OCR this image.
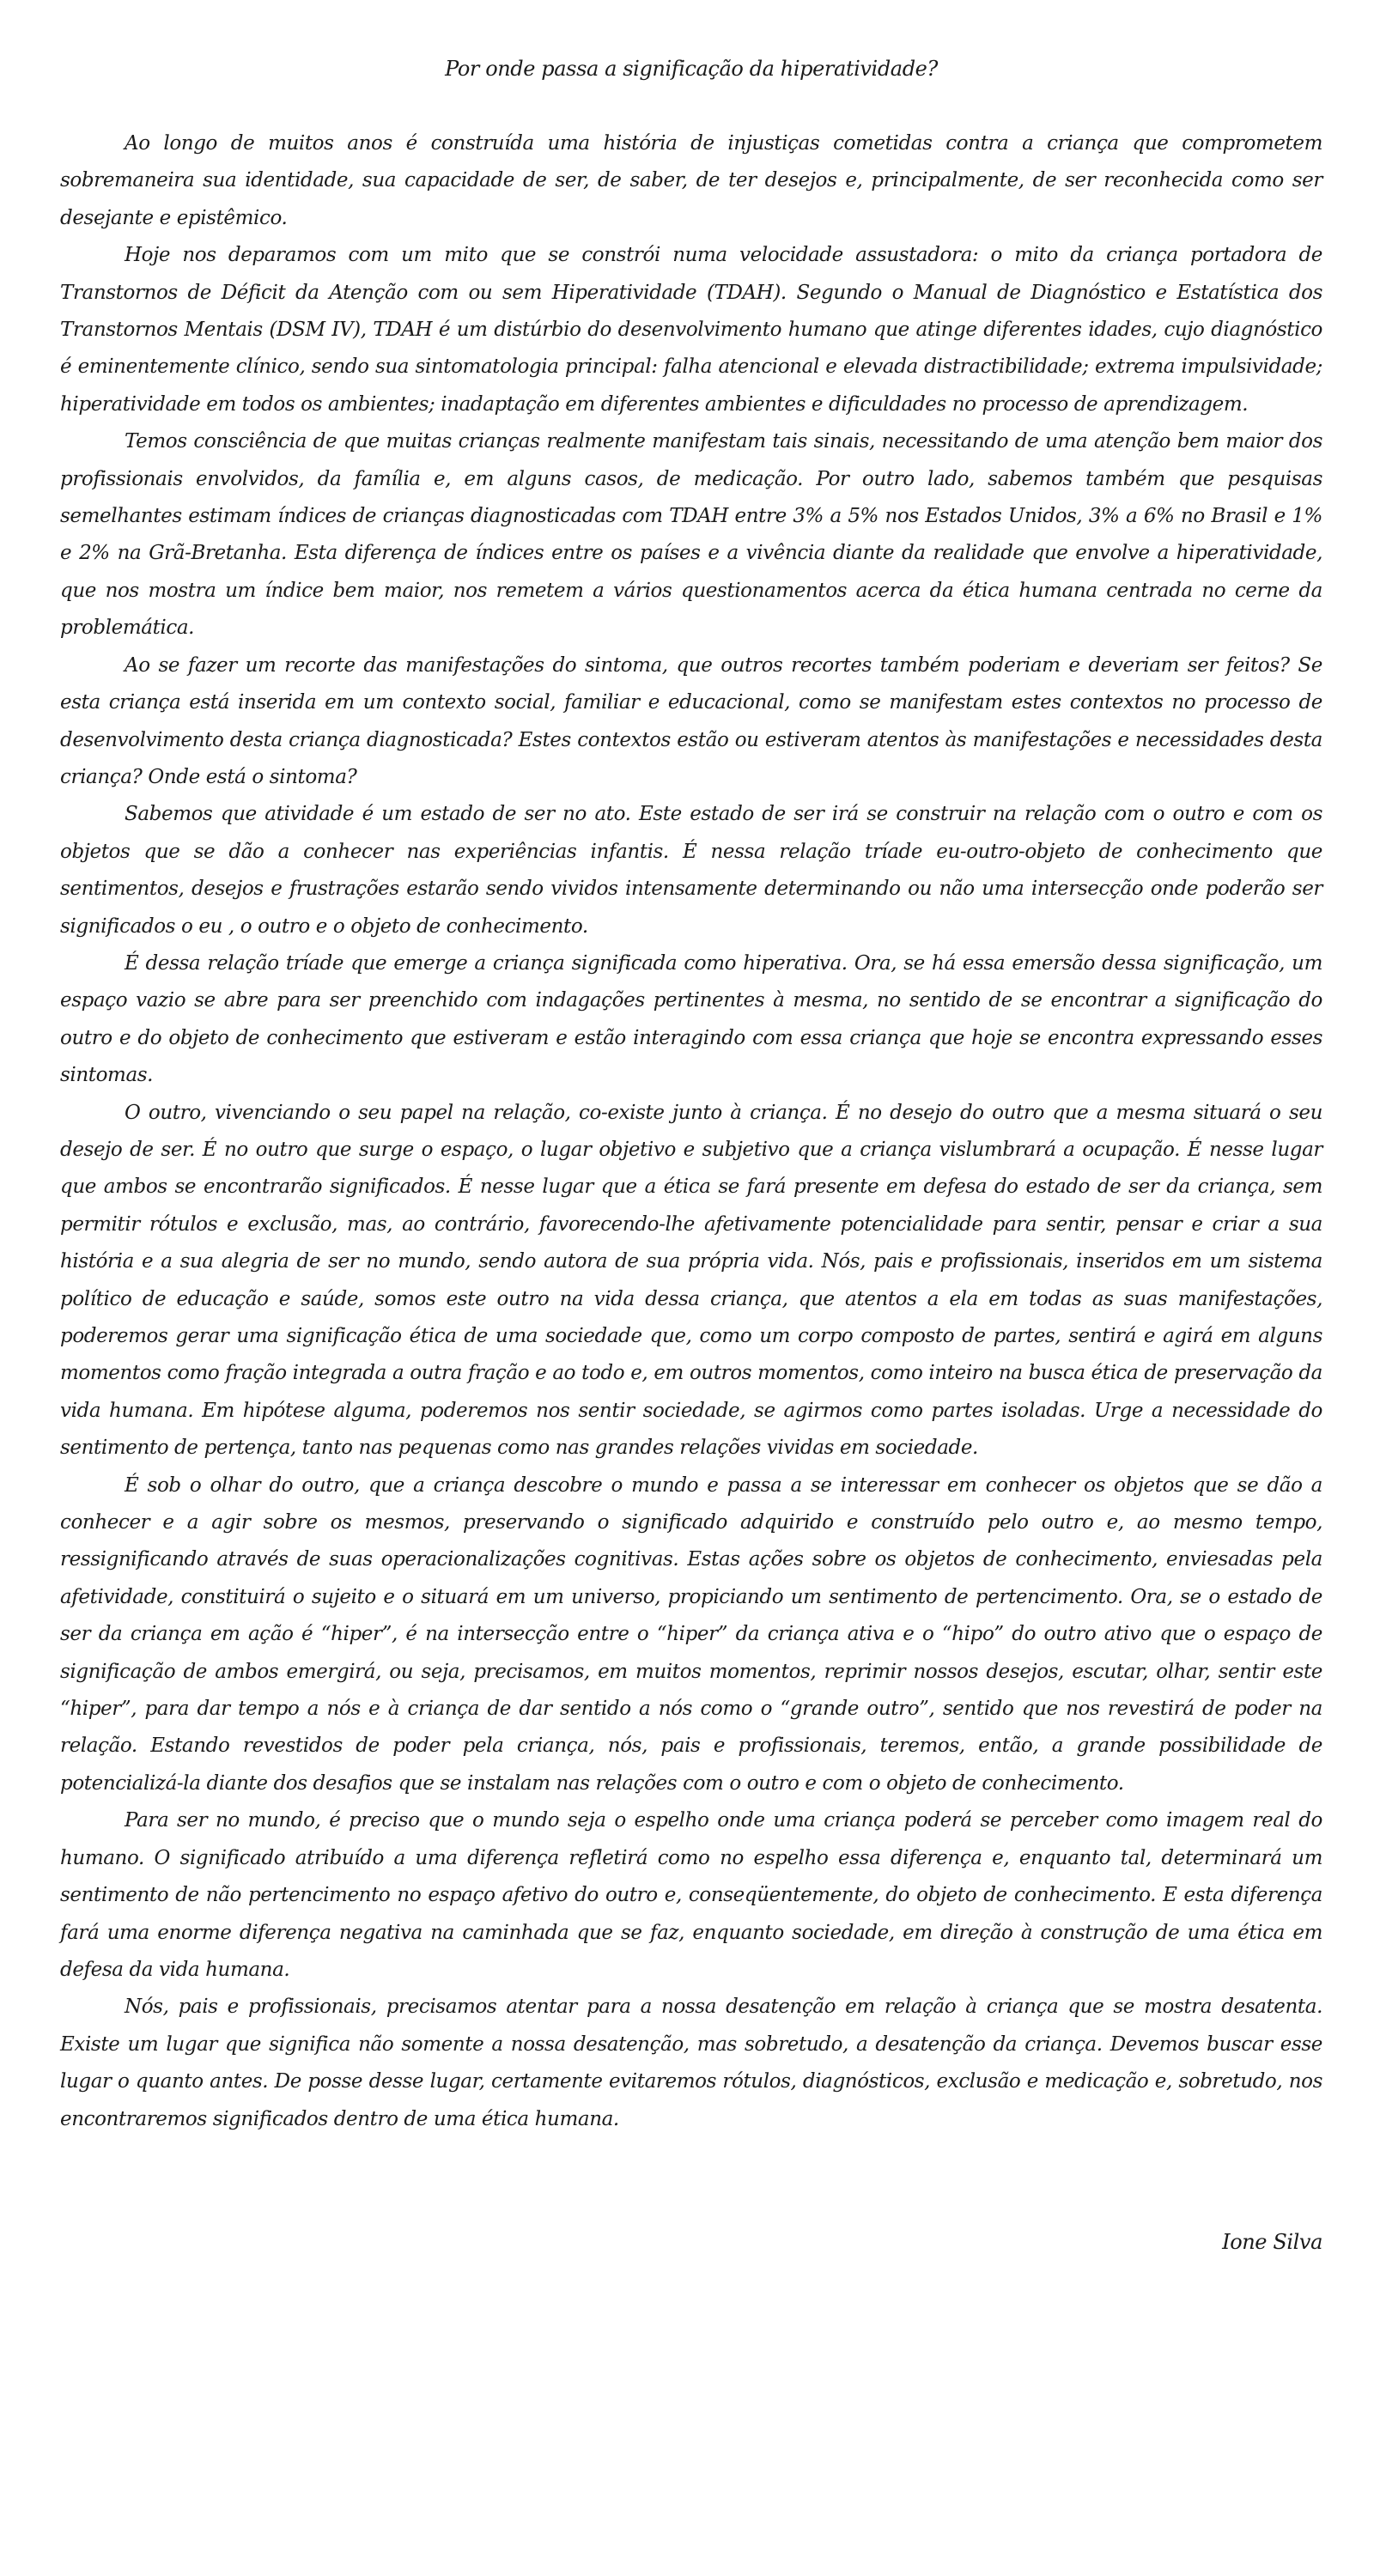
Por onde passa a significação da hiperatividade?

Ao longo de muitos anos é construída uma história de injustiças cometidas contra a criança que comprometem sobremaneira sua identidade, sua capacidade de ser, de saber, de ter desejos e, principalmente, de ser reconhecida como ser desejante e epistêmico.

Hoje nos deparamos com um mito que se constrói numa velocidade assustadora: o mito da criança portadora de Transtornos de Déficit da Atenção com ou sem Hiperatividade (TDAH). Segundo o Manual de Diagnóstico e Estatística dos Transtornos Mentais (DSM IV), TDAH é um distúrbio do desenvolvimento humano que atinge diferentes idades, cujo diagnóstico é eminentemente clínico, sendo sua sintomatologia principal: falha atencional e elevada distractibilidade; extrema impulsividade; hiperatividade em todos os ambientes; inadaptação em diferentes ambientes e dificuldades no processo de aprendizagem.

Temos consciência de que muitas crianças realmente manifestam tais sinais, necessitando de uma atenção bem maior dos profissionais envolvidos, da família e, em alguns casos, de medicação. Por outro lado, sabemos também que pesquisas semelhantes estimam índices de crianças diagnosticadas com TDAH entre 3% a 5% nos Estados Unidos, 3% a 6% no Brasil e 1% e 2% na Grã-Bretanha. Esta diferença de índices entre os países e a vivência diante da realidade que envolve a hiperatividade, que nos mostra um índice bem maior, nos remetem a vários questionamentos acerca da ética humana centrada no cerne da problemática.

Ao se fazer um recorte das manifestações do sintoma, que outros recortes também poderiam e deveriam ser feitos? Se esta criança está inserida em um contexto social, familiar e educacional, como se manifestam estes contextos no processo de desenvolvimento desta criança diagnosticada? Estes contextos estão ou estiveram atentos às manifestações e necessidades desta criança? Onde está o sintoma?

Sabemos que atividade é um estado de ser no ato. Este estado de ser irá se construir na relação com o outro e com os objetos que se dão a conhecer nas experiências infantis. É nessa relação tríade eu-outro-objeto de conhecimento que sentimentos, desejos e frustrações estarão sendo vividos intensamente determinando ou não uma intersecção onde poderão ser significados o eu , o outro e o objeto de conhecimento.

É dessa relação tríade que emerge a criança significada como hiperativa. Ora, se há essa emersão dessa significação, um espaço vazio se abre para ser preenchido com indagações pertinentes à mesma, no sentido de se encontrar a significação do outro e do objeto de conhecimento que estiveram e estão interagindo com essa criança que hoje se encontra expressando esses sintomas.

O outro, vivenciando o seu papel na relação, co-existe junto à criança. É no desejo do outro que a mesma situará o seu desejo de ser. É no outro que surge o espaço, o lugar objetivo e subjetivo que a criança vislumbrará a ocupação. É nesse lugar que ambos se encontrarão significados. É nesse lugar que a ética se fará presente em defesa do estado de ser da criança, sem permitir rótulos e exclusão, mas, ao contrário, favorecendo-lhe afetivamente potencialidade para sentir, pensar e criar a sua história e a sua alegria de ser no mundo, sendo autora de sua própria vida. Nós, pais e profissionais, inseridos em um sistema político de educação e saúde, somos este outro na vida dessa criança, que atentos a ela em todas as suas manifestações, poderemos gerar uma significação ética de uma sociedade que, como um corpo composto de partes, sentirá e agirá em alguns momentos como fração integrada a outra fração e ao todo e, em outros momentos, como inteiro na busca ética de preservação da vida humana. Em hipótese alguma, poderemos nos sentir sociedade, se agirmos como partes isoladas. Urge a necessidade do sentimento de pertença, tanto nas pequenas como nas grandes relações vividas em sociedade.

É sob o olhar do outro, que a criança descobre o mundo e passa a se interessar em conhecer os objetos que se dão a conhecer e a agir sobre os mesmos, preservando o significado adquirido e construído pelo outro e, ao mesmo tempo, ressignificando através de suas operacionalizações cognitivas. Estas ações sobre os objetos de conhecimento, enviesadas pela afetividade, constituirá o sujeito e o situará em um universo, propiciando um sentimento de pertencimento. Ora, se o estado de ser da criança em ação é “hiper”, é na intersecção entre o “hiper” da criança ativa e o “hipo” do outro ativo que o espaço de significação de ambos emergirá, ou seja, precisamos, em muitos momentos, reprimir nossos desejos, escutar, olhar, sentir este “hiper”, para dar tempo a nós e à criança de dar sentido a nós como o “grande outro”, sentido que nos revestirá de poder na relação. Estando revestidos de poder pela criança, nós, pais e profissionais, teremos, então, a grande possibilidade de potencializá-la diante dos desafios que se instalam nas relações com o outro e com o objeto de conhecimento.

Para ser no mundo, é preciso que o mundo seja o espelho onde uma criança poderá se perceber como imagem real do humano. O significado atribuído a uma diferença refletirá como no espelho essa diferença e, enquanto tal, determinará um sentimento de não pertencimento no espaço afetivo do outro e, conseqüentemente, do objeto de conhecimento. E esta diferença fará uma enorme diferença negativa na caminhada que se faz, enquanto sociedade, em direção à construção de uma ética em defesa da vida humana.

Nós, pais e profissionais, precisamos atentar para a nossa desatenção em relação à criança que se mostra desatenta. Existe um lugar que significa não somente a nossa desatenção, mas sobretudo, a desatenção da criança. Devemos buscar esse lugar o quanto antes. De posse desse lugar, certamente evitaremos rótulos, diagnósticos, exclusão e medicação e, sobretudo, nos encontraremos significados dentro de uma ética humana.

Ione Silva
